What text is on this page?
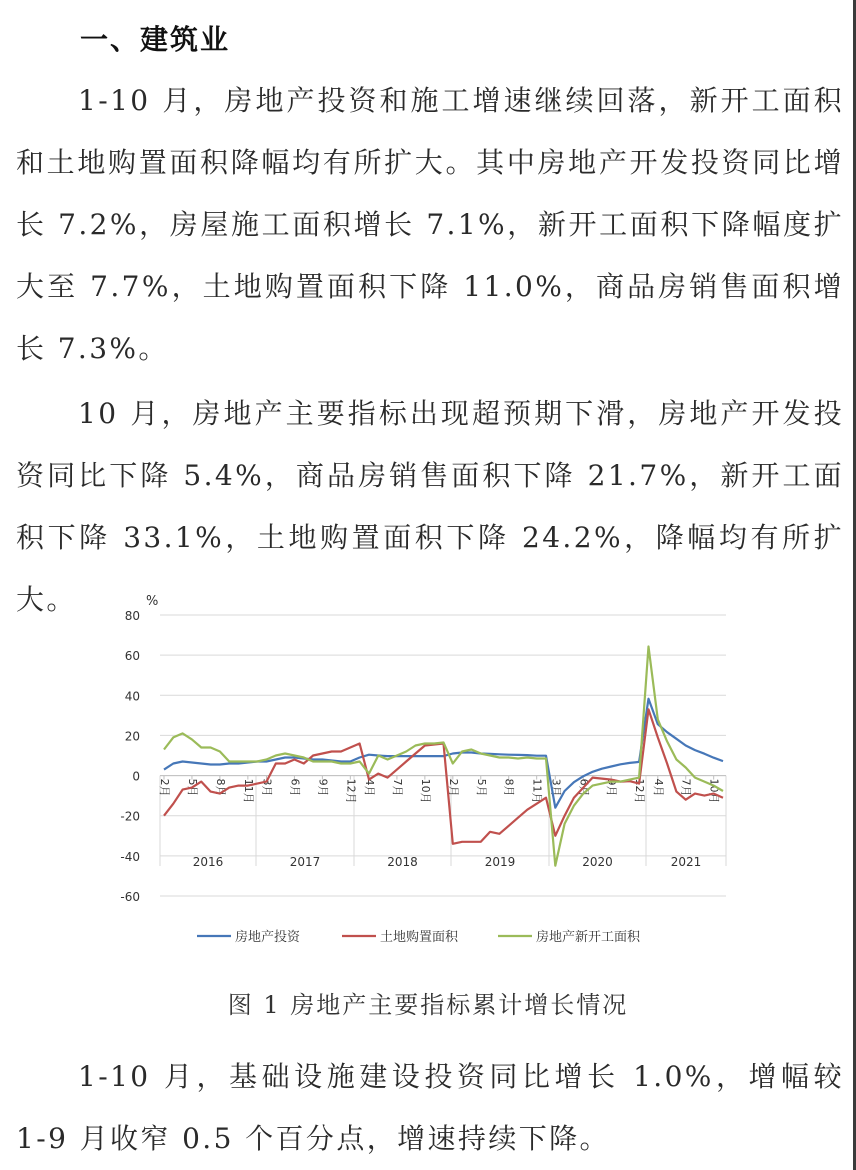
一、建筑业

1-10 月，房地产投资和施工增速继续回落，新开工面积和土地购置面积降幅均有所扩大。其中房地产开发投资同比增长 7.2%，房屋施工面积增长 7.1%，新开工面积下降幅度扩大至 7.7%，土地购置面积下降 11.0%，商品房销售面积增长 7.3%。

10 月，房地产主要指标出现超预期下滑，房地产开发投资同比下降 5.4%，商品房销售面积下降 21.7%，新开工面积下降 33.1%，土地购置面积下降 24.2%，降幅均有所扩大。	80
60
40
20
0
-20
-40
-60
%
2016	2017	2018	2019	2020	2021
2月 5月 8月 11月 3月 6月 9月 12月 4月 7月 10月 2月 5月 8月 11月 3月 6月 9月 12月 4月 7月 10月
房地产投资	土地购置面积	房地产新开工面积
图 1 房地产主要指标累计增长情况

1-10 月，基础设施建设投资同比增长 1.0%，增幅较 1-9 月收窄 0.5 个百分点，增速持续下降。
